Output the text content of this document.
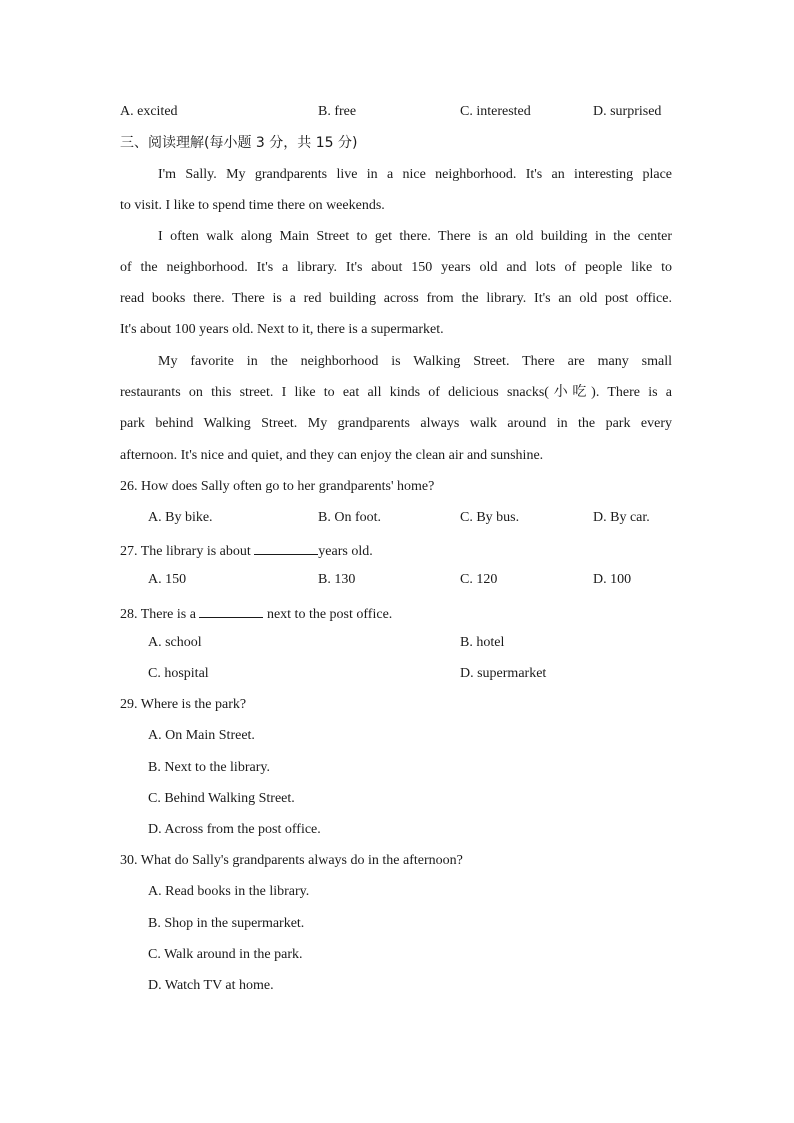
A. excited	B. free	C. interested	D. surprised
三、阅读理解(每小题 3 分，共 15 分)
I'm Sally. My grandparents live in a nice neighborhood. It's an interesting place
to visit. I like to spend time there on weekends.
I often walk along Main Street to get there. There is an old building in the center
of the neighborhood. It's a library. It's about 150 years old and lots of people like to
read books there. There is a red building across from the library. It's an old post office.
It's about 100 years old. Next to it, there is a supermarket.
My favorite in the neighborhood is Walking Street. There are many small
restaurants on this street. I like to eat all kinds of delicious snacks(小吃). There is a
park behind Walking Street. My grandparents always walk around in the park every
afternoon. It's nice and quiet, and they can enjoy the clean air and sunshine.
26. How does Sally often go to her grandparents' home?
A. By bike.	B. On foot.	C. By bus.	D. By car.
27. The library is about	years old.
A. 150	B. 130	C. 120	D. 100
28. There is a	next to the post office.
A. school	B. hotel
C. hospital	D. supermarket
29. Where is the park?
A. On Main Street.
B. Next to the library.
C. Behind Walking Street.
D. Across from the post office.
30. What do Sally's grandparents always do in the afternoon?
A. Read books in the library.
B. Shop in the supermarket.
C. Walk around in the park.
D. Watch TV at home.
